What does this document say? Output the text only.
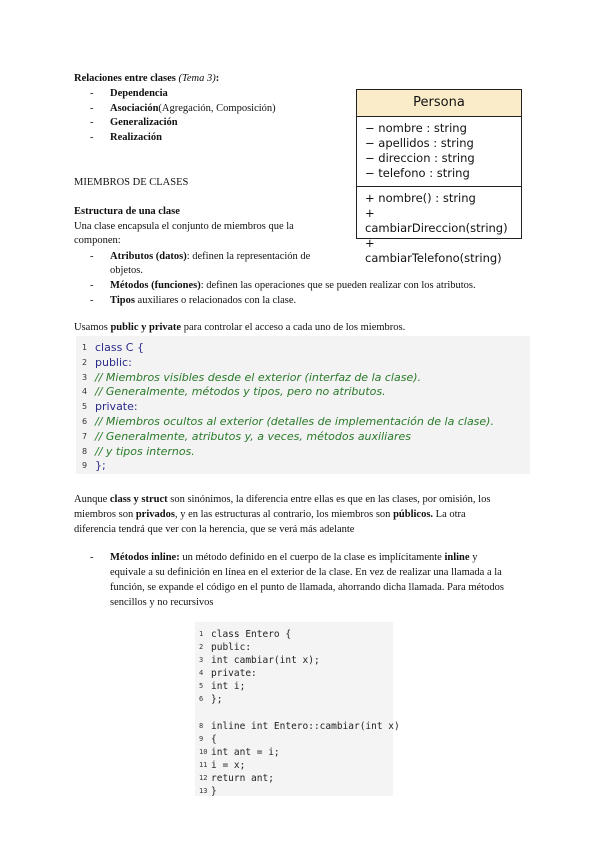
Relaciones entre clases (Tema 3):
- Dependencia
- Asociación(Agregación, Composición)
- Generalización
- Realización
Persona
− nombre : string
− apellidos : string
− direccion : string
− telefono : string
+ nombre() : string
+ cambiarDireccion(string)
+ cambiarTelefono(string)
MIEMBROS DE CLASES
Estructura de una clase
Una clase encapsula el conjunto de miembros que la
componen:
- Atributos (datos): definen la representación de
objetos.
- Métodos (funciones): definen las operaciones que se pueden realizar con los atributos.
- Tipos auxiliares o relacionados con la clase.
Usamos public y private para controlar el acceso a cada uno de los miembros.
1 class C {
2 public:
3 // Miembros visibles desde el exterior (interfaz de la clase).
4 // Generalmente, métodos y tipos, pero no atributos.
5 private:
6 // Miembros ocultos al exterior (detalles de implementación de la clase).
7 // Generalmente, atributos y, a veces, métodos auxiliares
8 // y tipos internos.
9 };
Aunque class y struct son sinónimos, la diferencia entre ellas es que en las clases, por omisión, los
miembros son privados, y en las estructuras al contrario, los miembros son públicos. La otra
diferencia tendrá que ver con la herencia, que se verá más adelante
- Métodos inline: un método definido en el cuerpo de la clase es implícitamente inline y
equivale a su definición en línea en el exterior de la clase. En vez de realizar una llamada a la
función, se expande el código en el punto de llamada, ahorrando dicha llamada. Para métodos
sencillos y no recursivos
1 class Entero {
2 public:
3 int cambiar(int x);
4 private:
5 int i;
6 };
8 inline int Entero::cambiar(int x)
9 {
10 int ant = i;
11 i = x;
12 return ant;
13 }
